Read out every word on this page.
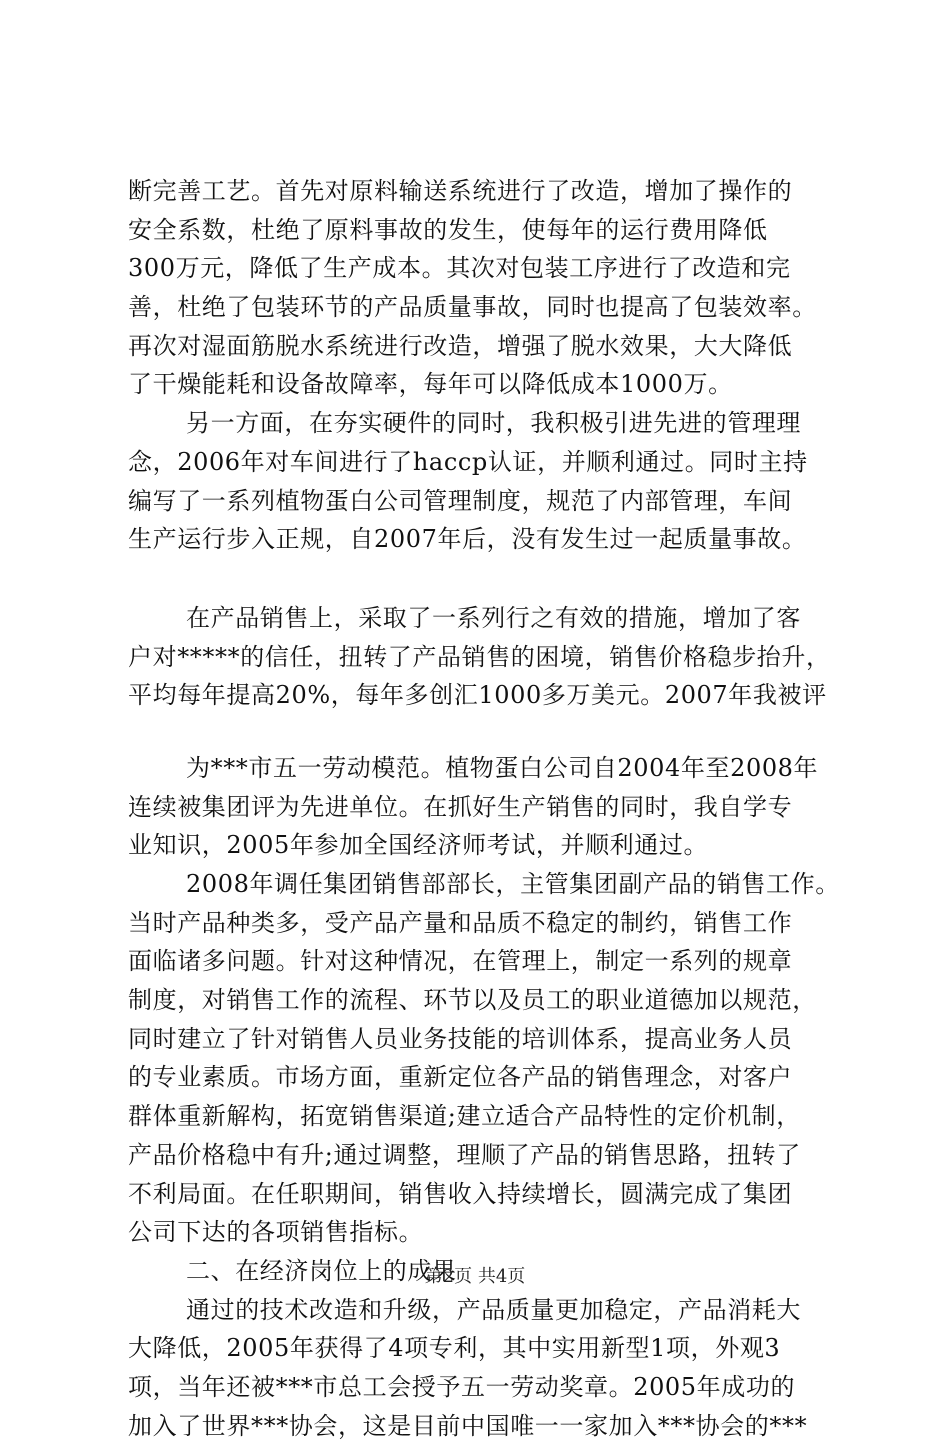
断完善工艺。首先对原料输送系统进行了改造，增加了操作的
安全系数，杜绝了原料事故的发生，使每年的运行费用降低
300万元，降低了生产成本。其次对包装工序进行了改造和完
善，杜绝了包装环节的产品质量事故，同时也提高了包装效率。
再次对湿面筋脱水系统进行改造，增强了脱水效果，大大降低
了干燥能耗和设备故障率，每年可以降低成本1000万。
另一方面，在夯实硬件的同时，我积极引进先进的管理理
念，2006年对车间进行了haccp认证，并顺利通过。同时主持
编写了一系列植物蛋白公司管理制度，规范了内部管理，车间
生产运行步入正规，自2007年后，没有发生过一起质量事故。
在产品销售上，采取了一系列行之有效的措施，增加了客
户对*****的信任，扭转了产品销售的困境，销售价格稳步抬升，
平均每年提高20%，每年多创汇1000多万美元。2007年我被评
为***市五一劳动模范。植物蛋白公司自2004年至2008年
连续被集团评为先进单位。在抓好生产销售的同时，我自学专
业知识，2005年参加全国经济师考试，并顺利通过。
2008年调任集团销售部部长，主管集团副产品的销售工作。
当时产品种类多，受产品产量和品质不稳定的制约，销售工作
面临诸多问题。针对这种情况，在管理上，制定一系列的规章
制度，对销售工作的流程、环节以及员工的职业道德加以规范，
同时建立了针对销售人员业务技能的培训体系，提高业务人员
的专业素质。市场方面，重新定位各产品的销售理念，对客户
群体重新解构，拓宽销售渠道;建立适合产品特性的定价机制，
产品价格稳中有升;通过调整，理顺了产品的销售思路，扭转了
不利局面。在任职期间，销售收入持续增长，圆满完成了集团
公司下达的各项销售指标。
二、在经济岗位上的成果
通过的技术改造和升级，产品质量更加稳定，产品消耗大
大降低，2005年获得了4项专利，其中实用新型1项，外观3
项，当年还被***市总工会授予五一劳动奖章。2005年成功的
加入了世界***协会，这是目前中国唯一一家加入***协会的***
第2页 共4页
